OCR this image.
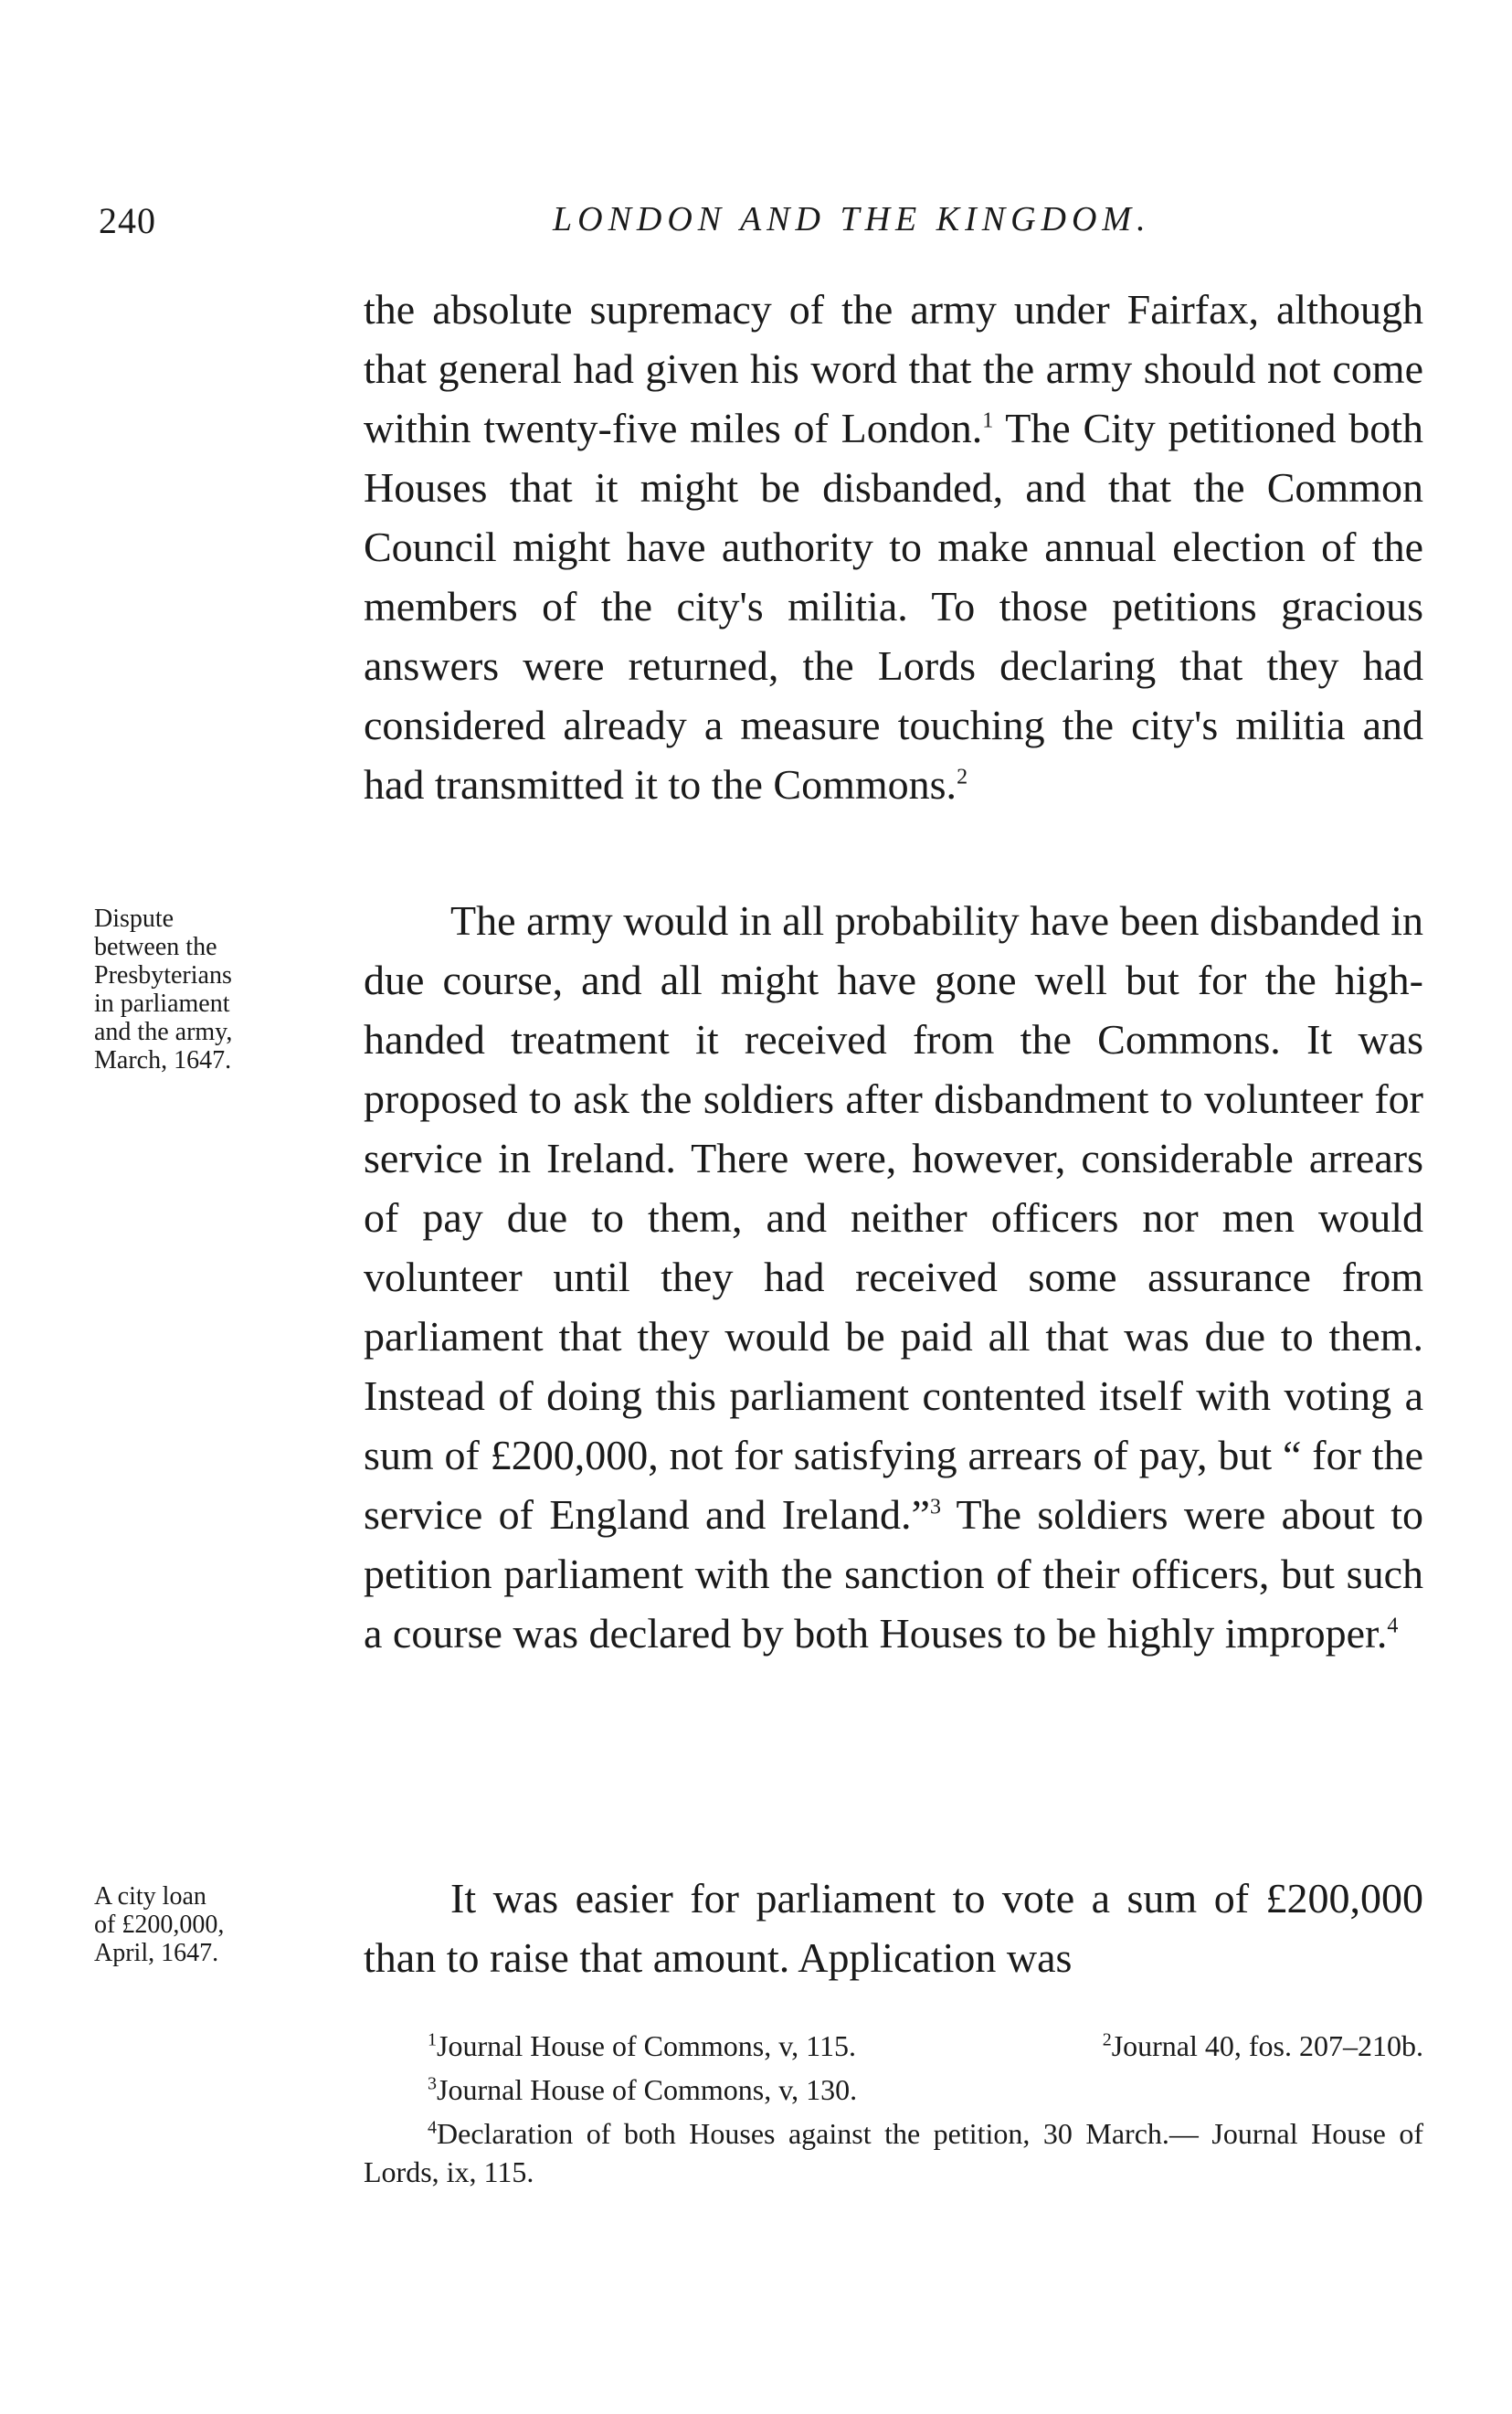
240	LONDON AND THE KINGDOM.

the absolute supremacy of the army under Fairfax, although that general had given his word that the army should not come within twenty-five miles of London.$^1$ The City petitioned both Houses that it might be disbanded, and that the Common Council might have authority to make annual election of the members of the city's militia. To those petitions gracious answers were returned, the Lords declaring that they had considered already a measure touching the city's militia and had transmitted it to the Commons.$^2$

Dispute
between the
Presbyterians
in parliament
and the army,
March, 1647.

The army would in all probability have been disbanded in due course, and all might have gone well but for the high-handed treatment it received from the Commons. It was proposed to ask the soldiers after disbandment to volunteer for service in Ireland. There were, however, considerable arrears of pay due to them, and neither officers nor men would volunteer until they had received some assurance from parliament that they would be paid all that was due to them. Instead of doing this parliament contented itself with voting a sum of £200,000, not for satisfying arrears of pay, but “ for the service of England and Ireland.”$^3$ The soldiers were about to petition parliament with the sanction of their officers, but such a course was declared by both Houses to be highly improper.$^4$

A city loan
of £200,000,
April, 1647.

It was easier for parliament to vote a sum of £200,000 than to raise that amount. Application was

$^1$Journal House of Commons, v, 115.	$^2$Journal 40, fos. 207–210b.

$^3$Journal House of Commons, v, 130.

$^4$Declaration of both Houses against the petition, 30 March.— Journal House of Lords, ix, 115.
